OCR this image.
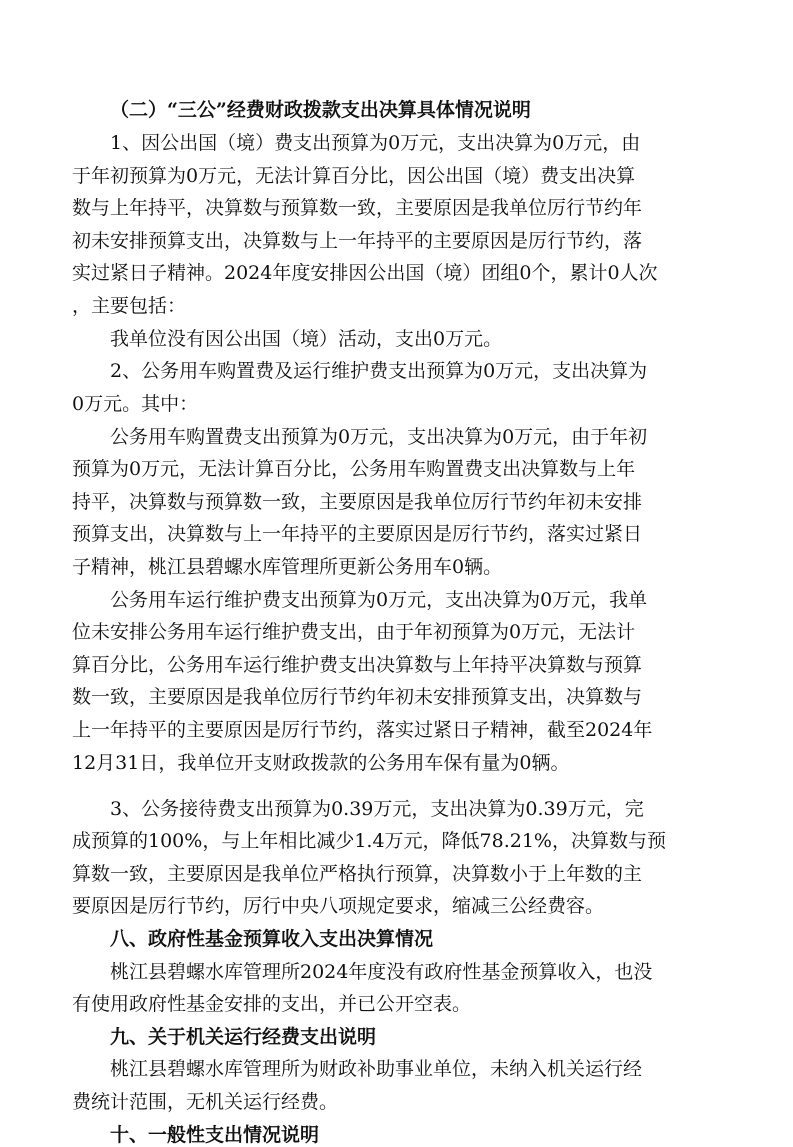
（二）“三公”经费财政拨款支出决算具体情况说明
1、因公出国（境）费支出预算为0万元，支出决算为0万元，由
于年初预算为0万元，无法计算百分比，因公出国（境）费支出决算
数与上年持平，决算数与预算数一致，主要原因是我单位厉行节约年
初未安排预算支出，决算数与上一年持平的主要原因是厉行节约，落
实过紧日子精神。2024年度安排因公出国（境）团组0个，累计0人次
，主要包括：
我单位没有因公出国（境）活动，支出0万元。
2、公务用车购置费及运行维护费支出预算为0万元，支出决算为
0万元。其中：
公务用车购置费支出预算为0万元，支出决算为0万元，由于年初
预算为0万元，无法计算百分比，公务用车购置费支出决算数与上年
持平，决算数与预算数一致，主要原因是我单位厉行节约年初未安排
预算支出，决算数与上一年持平的主要原因是厉行节约，落实过紧日
子精神，桃江县碧螺水库管理所更新公务用车0辆。
公务用车运行维护费支出预算为0万元，支出决算为0万元，我单
位未安排公务用车运行维护费支出，由于年初预算为0万元，无法计
算百分比，公务用车运行维护费支出决算数与上年持平决算数与预算
数一致，主要原因是我单位厉行节约年初未安排预算支出，决算数与
上一年持平的主要原因是厉行节约，落实过紧日子精神，截至2024年
12月31日，我单位开支财政拨款的公务用车保有量为0辆。
3、公务接待费支出预算为0.39万元，支出决算为0.39万元，完
成预算的100%，与上年相比减少1.4万元，降低78.21%，决算数与预
算数一致，主要原因是我单位严格执行预算，决算数小于上年数的主
要原因是厉行节约，厉行中央八项规定要求，缩减三公经费容。
八、政府性基金预算收入支出决算情况
桃江县碧螺水库管理所2024年度没有政府性基金预算收入，也没
有使用政府性基金安排的支出，并已公开空表。
九、关于机关运行经费支出说明
桃江县碧螺水库管理所为财政补助事业单位，未纳入机关运行经
费统计范围，无机关运行经费。
十、一般性支出情况说明
